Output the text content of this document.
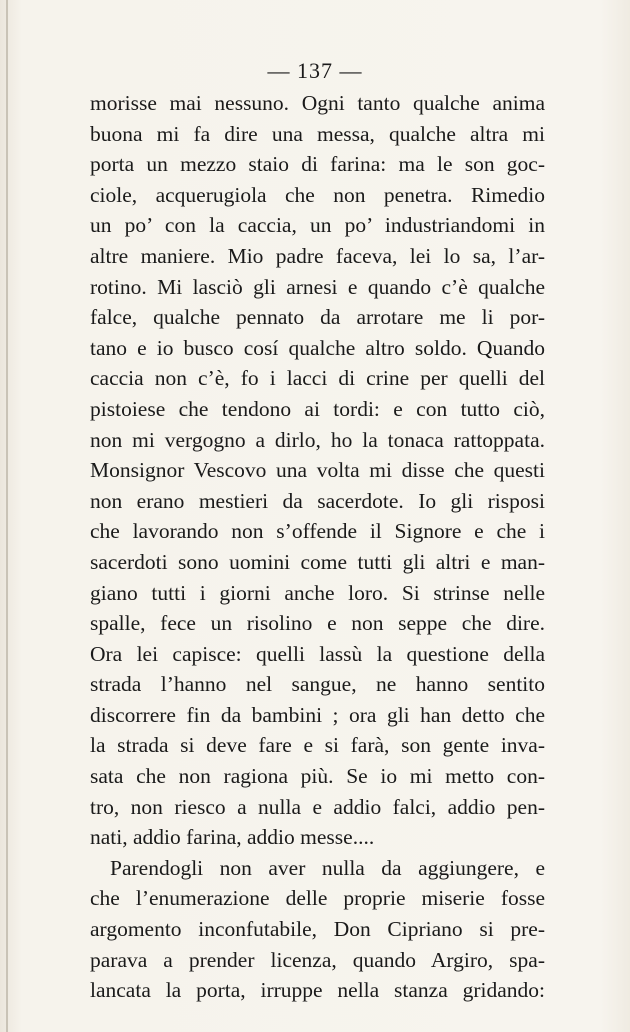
— 137 —
morisse mai nessuno. Ogni tanto qualche anima
buona mi fa dire una messa, qualche altra mi
porta un mezzo staio di farina: ma le son goc-
ciole, acquerugiola che non penetra. Rimedio
un po’ con la caccia, un po’ industriandomi in
altre maniere. Mio padre faceva, lei lo sa, l’ar-
rotino. Mi lasciò gli arnesi e quando c’è qualche
falce, qualche pennato da arrotare me li por-
tano e io busco cosí qualche altro soldo. Quando
caccia non c’è, fo i lacci di crine per quelli del
pistoiese che tendono ai tordi: e con tutto ciò,
non mi vergogno a dirlo, ho la tonaca rattoppata.
Monsignor Vescovo una volta mi disse che questi
non erano mestieri da sacerdote. Io gli risposi
che lavorando non s’offende il Signore e che i
sacerdoti sono uomini come tutti gli altri e man-
giano tutti i giorni anche loro. Si strinse nelle
spalle, fece un risolino e non seppe che dire.
Ora lei capisce: quelli lassù la questione della
strada l’hanno nel sangue, ne hanno sentito
discorrere fin da bambini ; ora gli han detto che
la strada si deve fare e si farà, son gente inva-
sata che non ragiona più. Se io mi metto con-
tro, non riesco a nulla e addio falci, addio pen-
nati, addio farina, addio messe....
Parendogli non aver nulla da aggiungere, e
che l’enumerazione delle proprie miserie fosse
argomento inconfutabile, Don Cipriano si pre-
parava a prender licenza, quando Argiro, spa-
lancata la porta, irruppe nella stanza gridando:
